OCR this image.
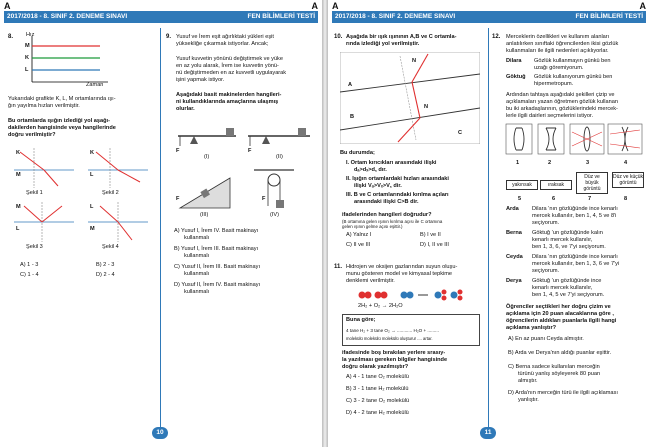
A	A
2017/2018 - 8. SINIF 2. DENEME SINAVI	FEN BİLİMLERİ TESTİ
8. Hız
M
K
L
Zaman
Yukarıdaki grafikte K, L, M ortamlarında ışı-
ğın yayılma hızları verilmiştir.
Bu ortamlarda ışığın izlediği yol aşağı-
dakilerden hangisinde veya hangilerinde
doğru verilmiştir?
K
M
Şekil 1
K
L
Şekil 2
M
L
Şekil 3
L
M
Şekil 4
A) 1 - 3	B) 2 - 3
C) 1 - 4	D) 2 - 4
9. Yusuf ve İrem eşit ağırlıktaki yükleri eşit
yüksekliğe çıkarmak istiyorlar. Ancak;
Yusuf kuvvetin yönünü değiştirmek ve yüke
en az yolu alarak, İrem ise kuvvetin yönü-
nü değiştirmeden en az kuvvetli uygulayarak
işini yapmak istiyor.
Aşağıdaki basit makinelerden hangileri-
ni kullandıklarında amaçlarına ulaşmış
olurlar.
F	F
F	F
(I)	(II)
(III)	(IV)
A) Yusuf I, İrem IV. Basit makinayı
kullanmalı
B) Yusuf I, İrem III. Basit makinayı
kullanmalı
C) Yusuf II, İrem III. Basit makinayı
kullanmalı
D) Yusuf II, İrem IV. Basit makinayı
kullanmalı
10
A	A
2017/2018 - 8. SINIF 2. DENEME SINAVI	FEN BİLİMLERİ TESTİ
10. Aşağıda bir ışık ışınının A,B ve C ortamla-
rında izlediği yol verilmiştir.
N
N
A
B
C
Bu durumda;
I. Ortam kırıcıkları arasındaki ilişki
dₐ>dₓ>d꜀ dır.
II. Işığın ortamlardaki hızları arasındaki
ilişki Vₐ>Vₓ>V꜀ dir.
III. B ve C ortamlarındaki kırılma açıları
arasındaki ilişki C>B dir.
ifadelerinden hangileri doğrudur?
(B ortamına gelen ışının kırılma açısı ile C ortamına
gelen ışının gelme açısı eşittir.)
A) Yalnız I	B) I ve II
C) II ve III	D) I, II ve III
11. Hidrojen ve oksijen gazlarından suyun oluşu-
munu gösteren model ve kimyasal tepkime
denklemi verilmiştir.
2H₂ + O₂ → 2H₂O
Buna göre;
4 tane H₂ + 3 tane O₂ → ............ H₂O + .........
molekülü molekülü molekülü oluşturur .... artar.
ifadesinde boş bırakılan yerlere srasıy-
la yazılması gereken bilgiler hangisinde
doğru olarak yazılmıştır?
A) 4 - 1 tane O₂ molekülü
B) 3 - 1 tane H₂ molekülü
C) 3 - 2 tane O₂ molekülü
D) 4 - 2 tane H₂ molekülü
12. Merceklerin özellikleri ve kullanım alanları
anlatılırken sınıftaki öğrencilerden ikisi gözlük
kullanmaları ile ilgili nedenleri açıklıyorlar.
Dilara Gözlük kullanmayın günkü ben
uzağı göremiyorum.
Göktuğ Gözlük kullanıyorum günkü ben
hipermetropum.
Ardından tahtaya aşağıdaki şekilleri çizip ve
açıklamaları yazan öğretmen gözlük kullanan
bu iki arkadaşlarının, gözlüklerindeki mercek-
lerle ilgili dairleri seçmelerini istiyor.
1	2	3	4
yakınsak	ıraksak
Düz ve büyük görüntü
Düz ve küçük görüntü
5	6	7	8
Arda Dilara ‘nın gözlüğünde ince kenarlı
mercek kullanılır, ben 1, 4, 5 ve 8'i
seçiyorum.
Berna Göktuğ ‘un gözlüğünde kalın
kenarlı mercek kullanılır,
ben 1, 3, 6, ve 7'yi seçiyorum.
Ceyda Dilara ‘nın gözlüğünde ince kenarlı
mercek kullanılır, ben 1, 3, 6 ve 7'yi seçiyorum.
Derya Göktuğ ‘un gözlüğünde ince
kenarlı mercek kullanılır,
ben 1, 4, 5 ve 7'yi seçiyorum.
Öğrenciler seçtikleri her doğru çizim ve
açıklama için 20 puan alacaklarına göre ,
öğrencilerin aldıkları puanlarla ilgili hangi
açıklama yanlıştır?
A) En az puanı Ceyda almıştır.
B) Arda ve Derya'nın aldığı puanlar eşittir.
C) Berna sadece kullanılan merceğin
türünü yanlış söyleyerek 80 puan
almıştır.
D) Arda'nın merceğin türü ile ilgili açıklaması
yanlıştır.
11
